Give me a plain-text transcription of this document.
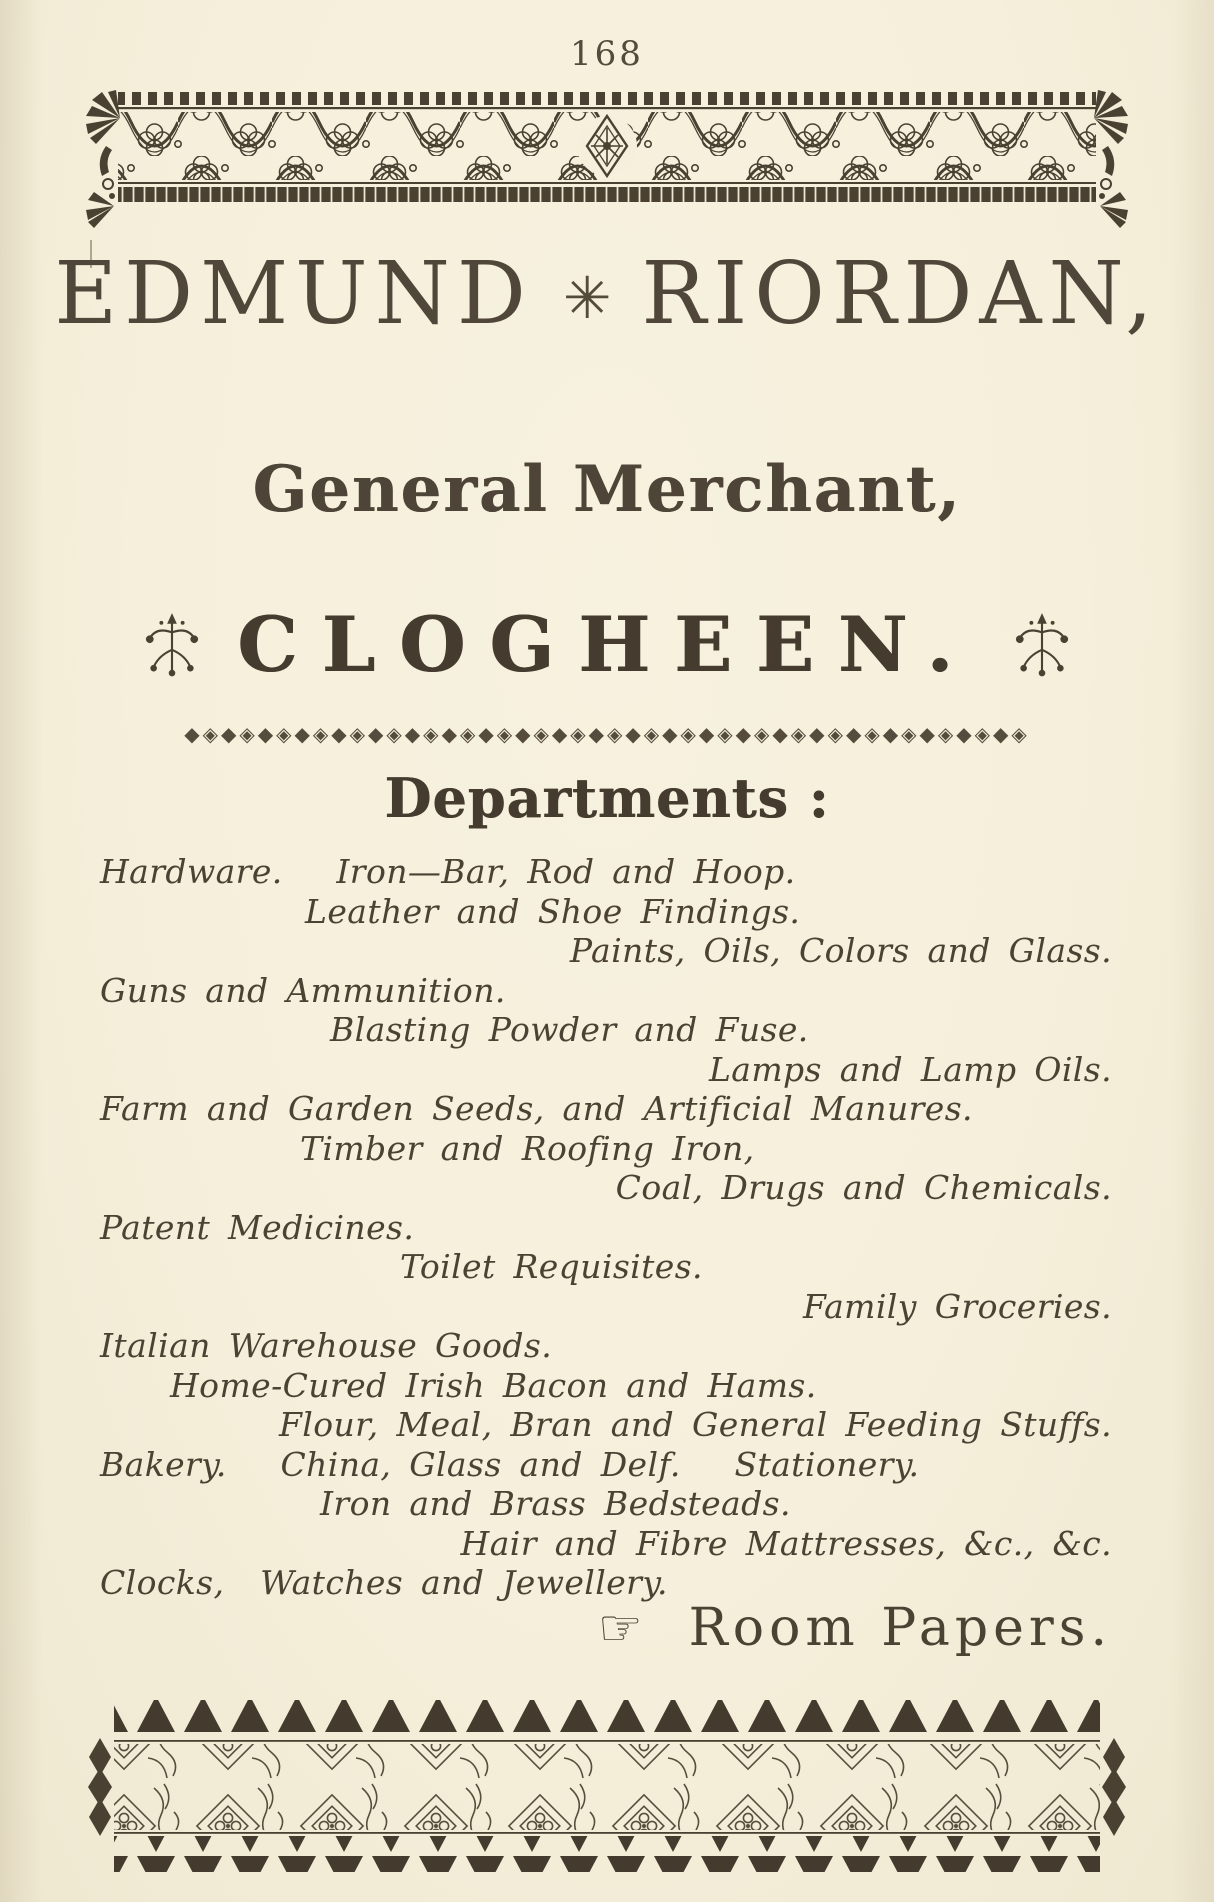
168
EDMUND ✳ RIORDAN,
General Merchant,
CLOGHEEN.
◆◈◆◈◆◈◆◈◆◈◆◈◆◈◆◈◆◈◆◈◆◈◆◈◆◈◆◈◆◈◆◈◆◈◆◈◆◈◆◈◆◈◆◈◆◈
Departments :
Hardware.   Iron—Bar, Rod and Hoop.
Leather and Shoe Findings.
Paints, Oils, Colors and Glass.
Guns and Ammunition.
Blasting Powder and Fuse.
Lamps and Lamp Oils.
Farm and Garden Seeds, and Artificial Manures.
Timber and Roofing Iron,
Coal, Drugs and Chemicals.
Patent Medicines.
Toilet Requisites.
Family Groceries.
Italian Warehouse Goods.
Home-Cured Irish Bacon and Hams.
Flour, Meal, Bran and General Feeding Stuffs.
Bakery.   China, Glass and Delf.   Stationery.
Iron and Brass Bedsteads.
Hair and Fibre Mattresses, &c., &c.
Clocks,  Watches and Jewellery.
☞ Room Papers.
